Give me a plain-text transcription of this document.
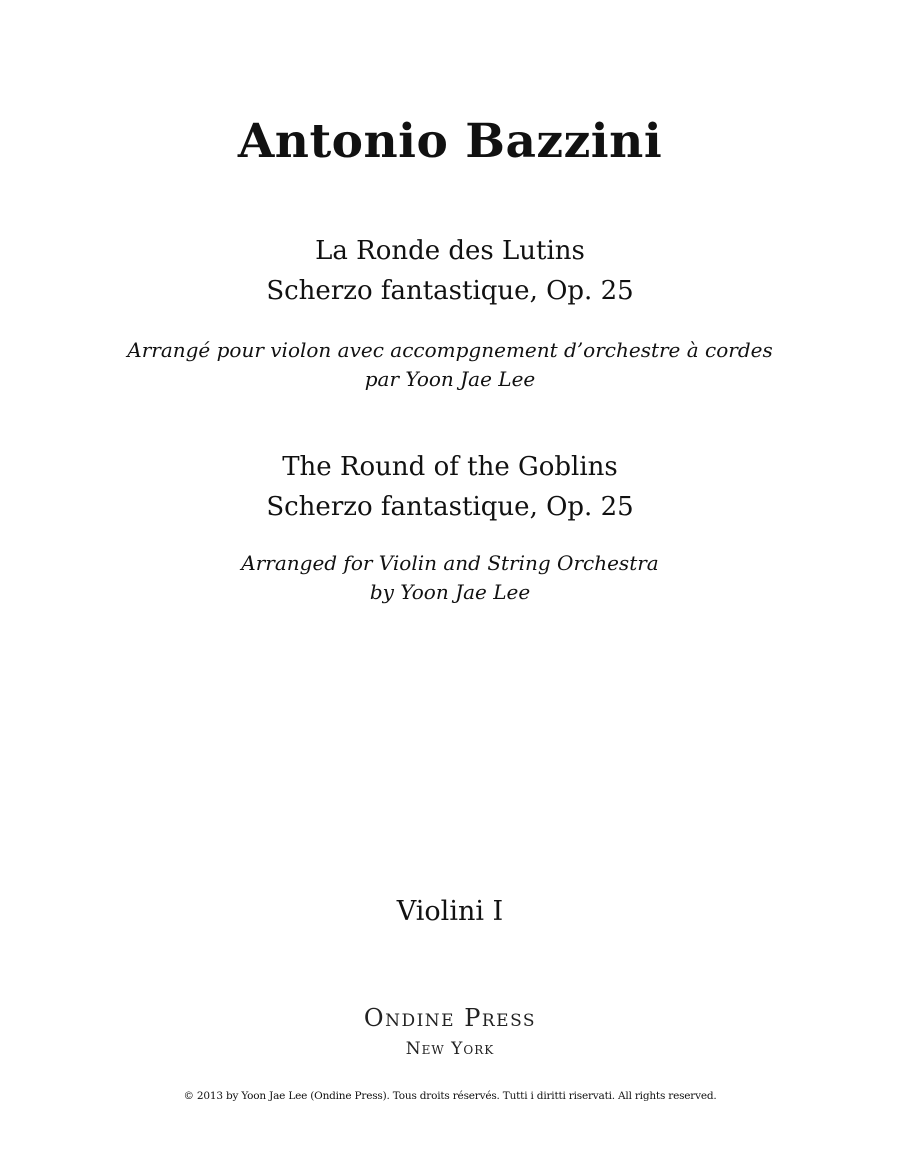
Antonio Bazzini
La Ronde des Lutins
Scherzo fantastique, Op. 25
Arrangé pour violon avec accompgnement d’orchestre à cordes
par Yoon Jae Lee
The Round of the Goblins
Scherzo fantastique, Op. 25
Arranged for Violin and String Orchestra
by Yoon Jae Lee
Violini I
Ondine Press
New York
© 2013 by Yoon Jae Lee (Ondine Press). Tous droits réservés. Tutti i diritti riservati. All rights reserved.
